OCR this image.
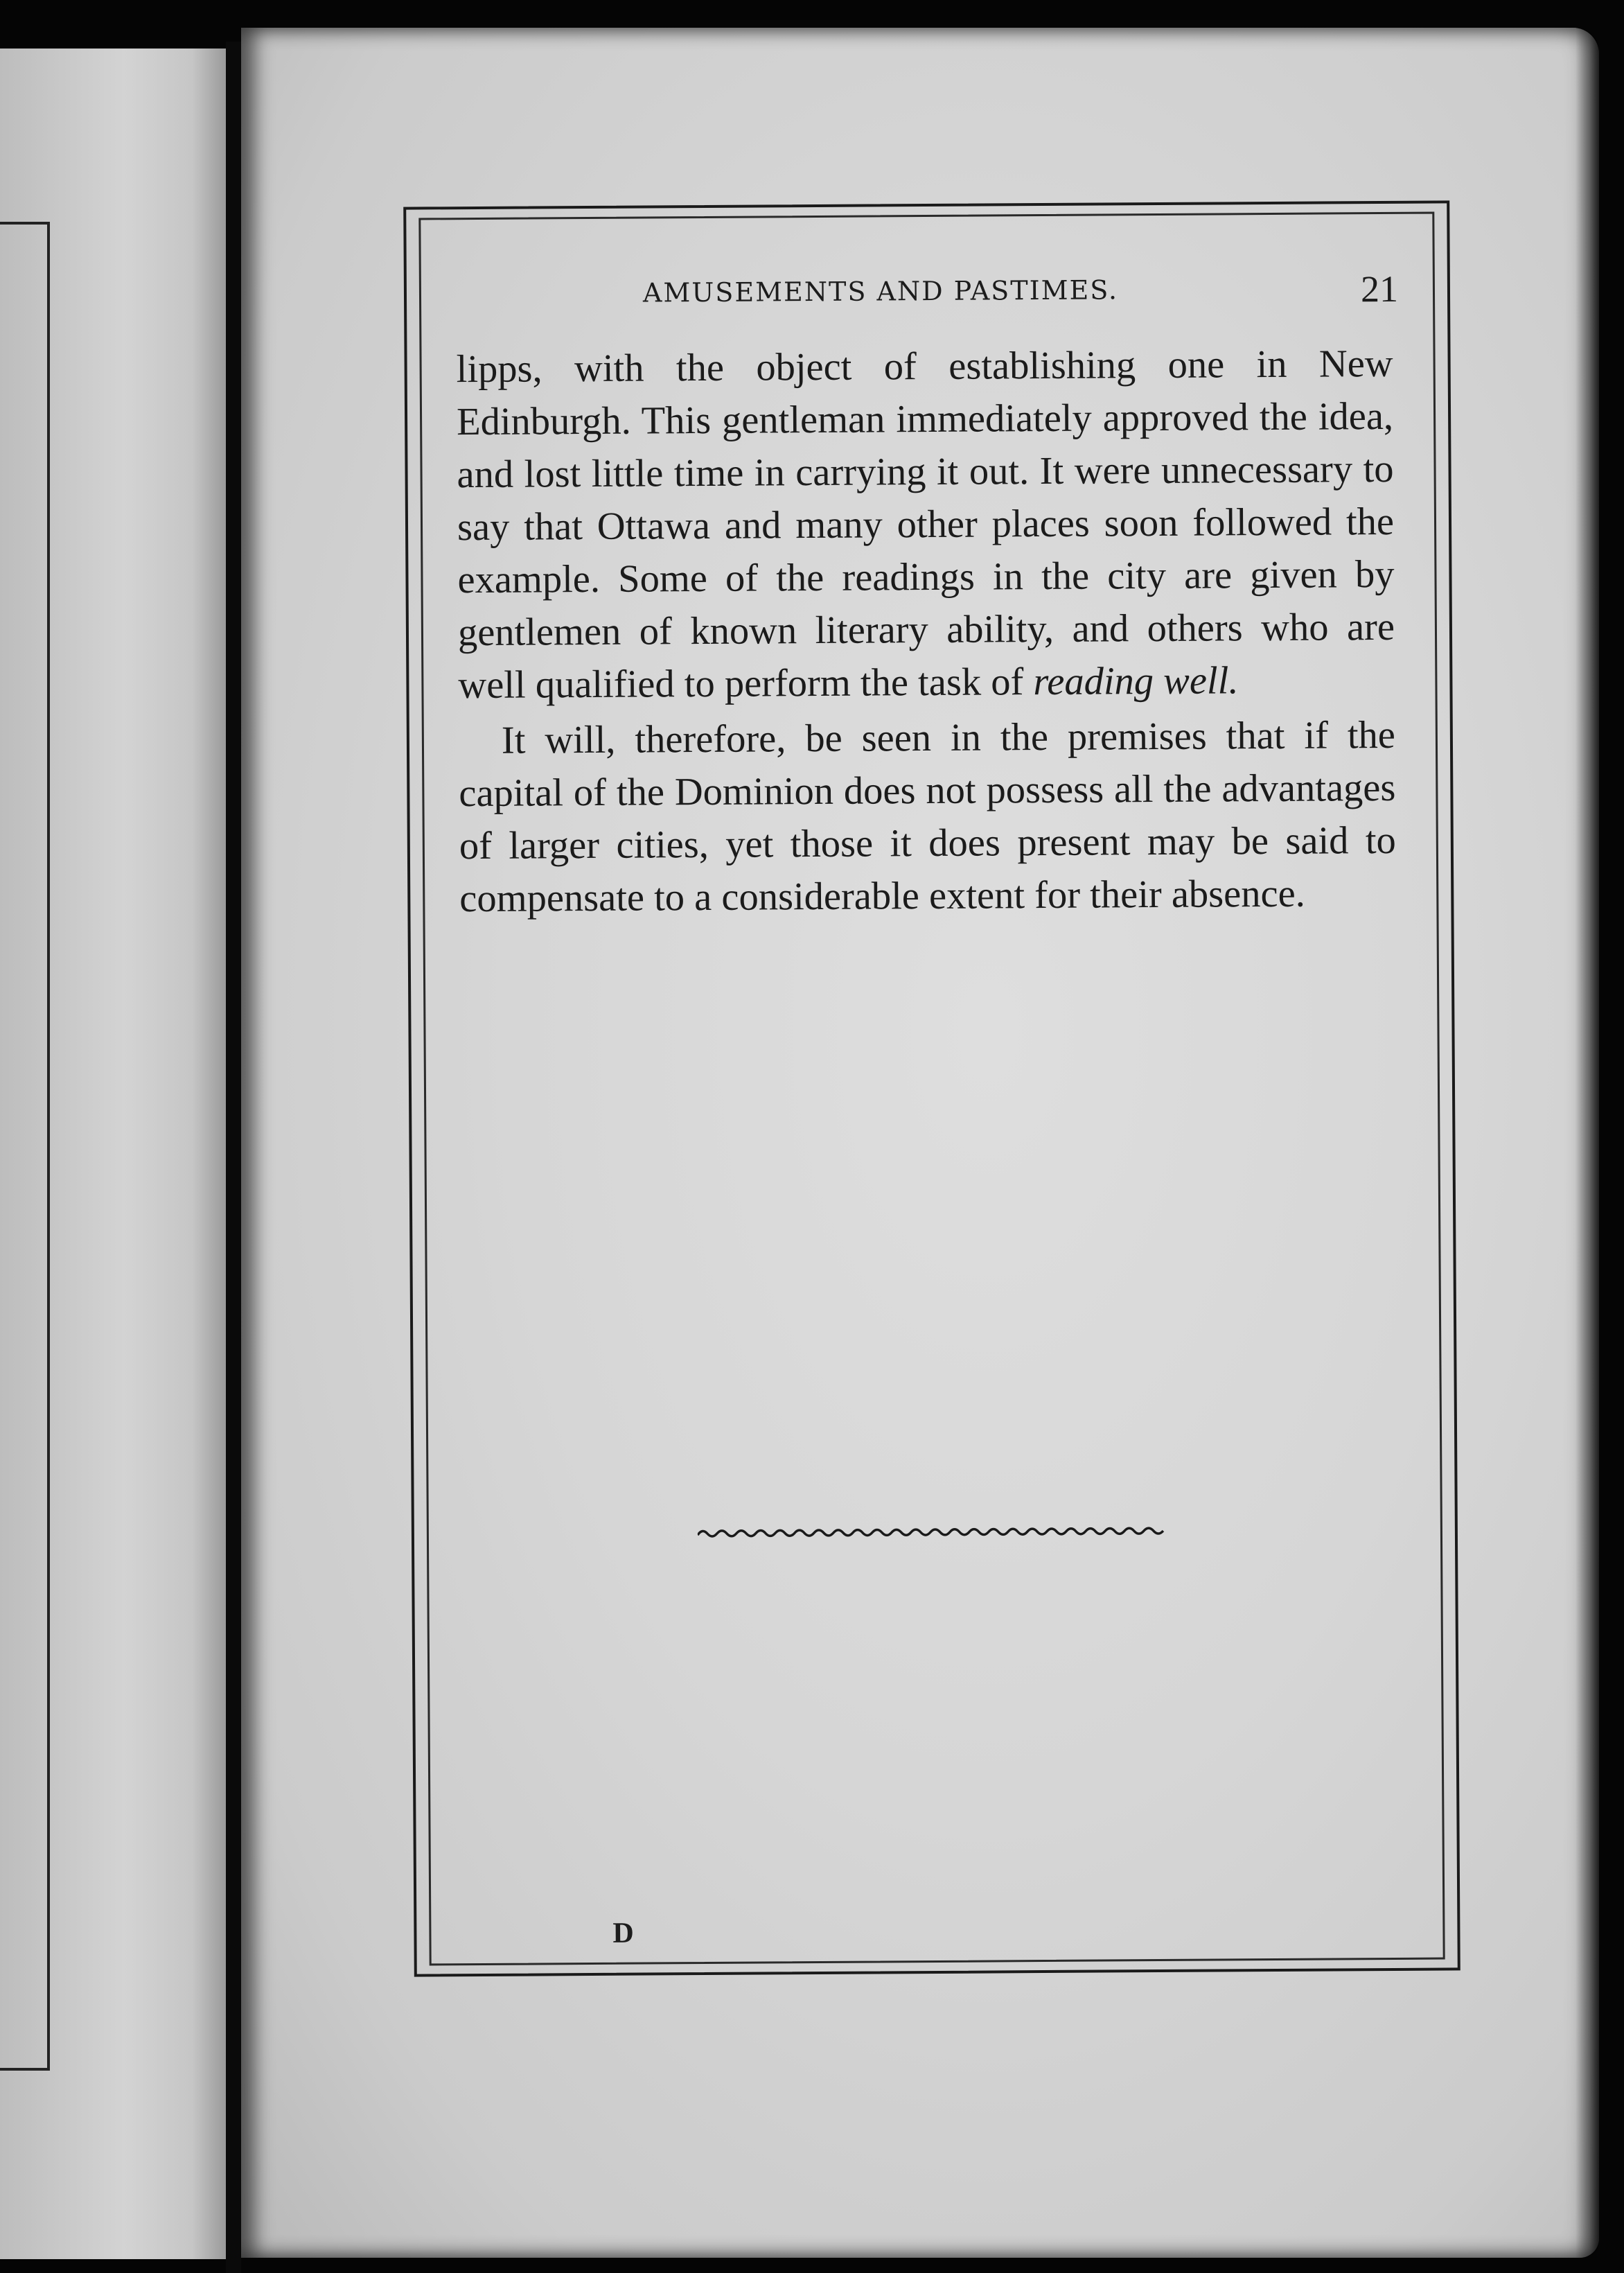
AMUSEMENTS AND PASTIMES.	21

lipps, with the object of establishing one in New Edinburgh. This gentleman immediately approved the idea, and lost little time in carrying it out. It were unnecessary to say that Ottawa and many other places soon followed the example. Some of the readings in the city are given by gentlemen of known literary ability, and others who are well qualified to perform the task of reading well.

It will, therefore, be seen in the premises that if the capital of the Dominion does not possess all the advantages of larger cities, yet those it does present may be said to compensate to a considerable extent for their absence.

D
